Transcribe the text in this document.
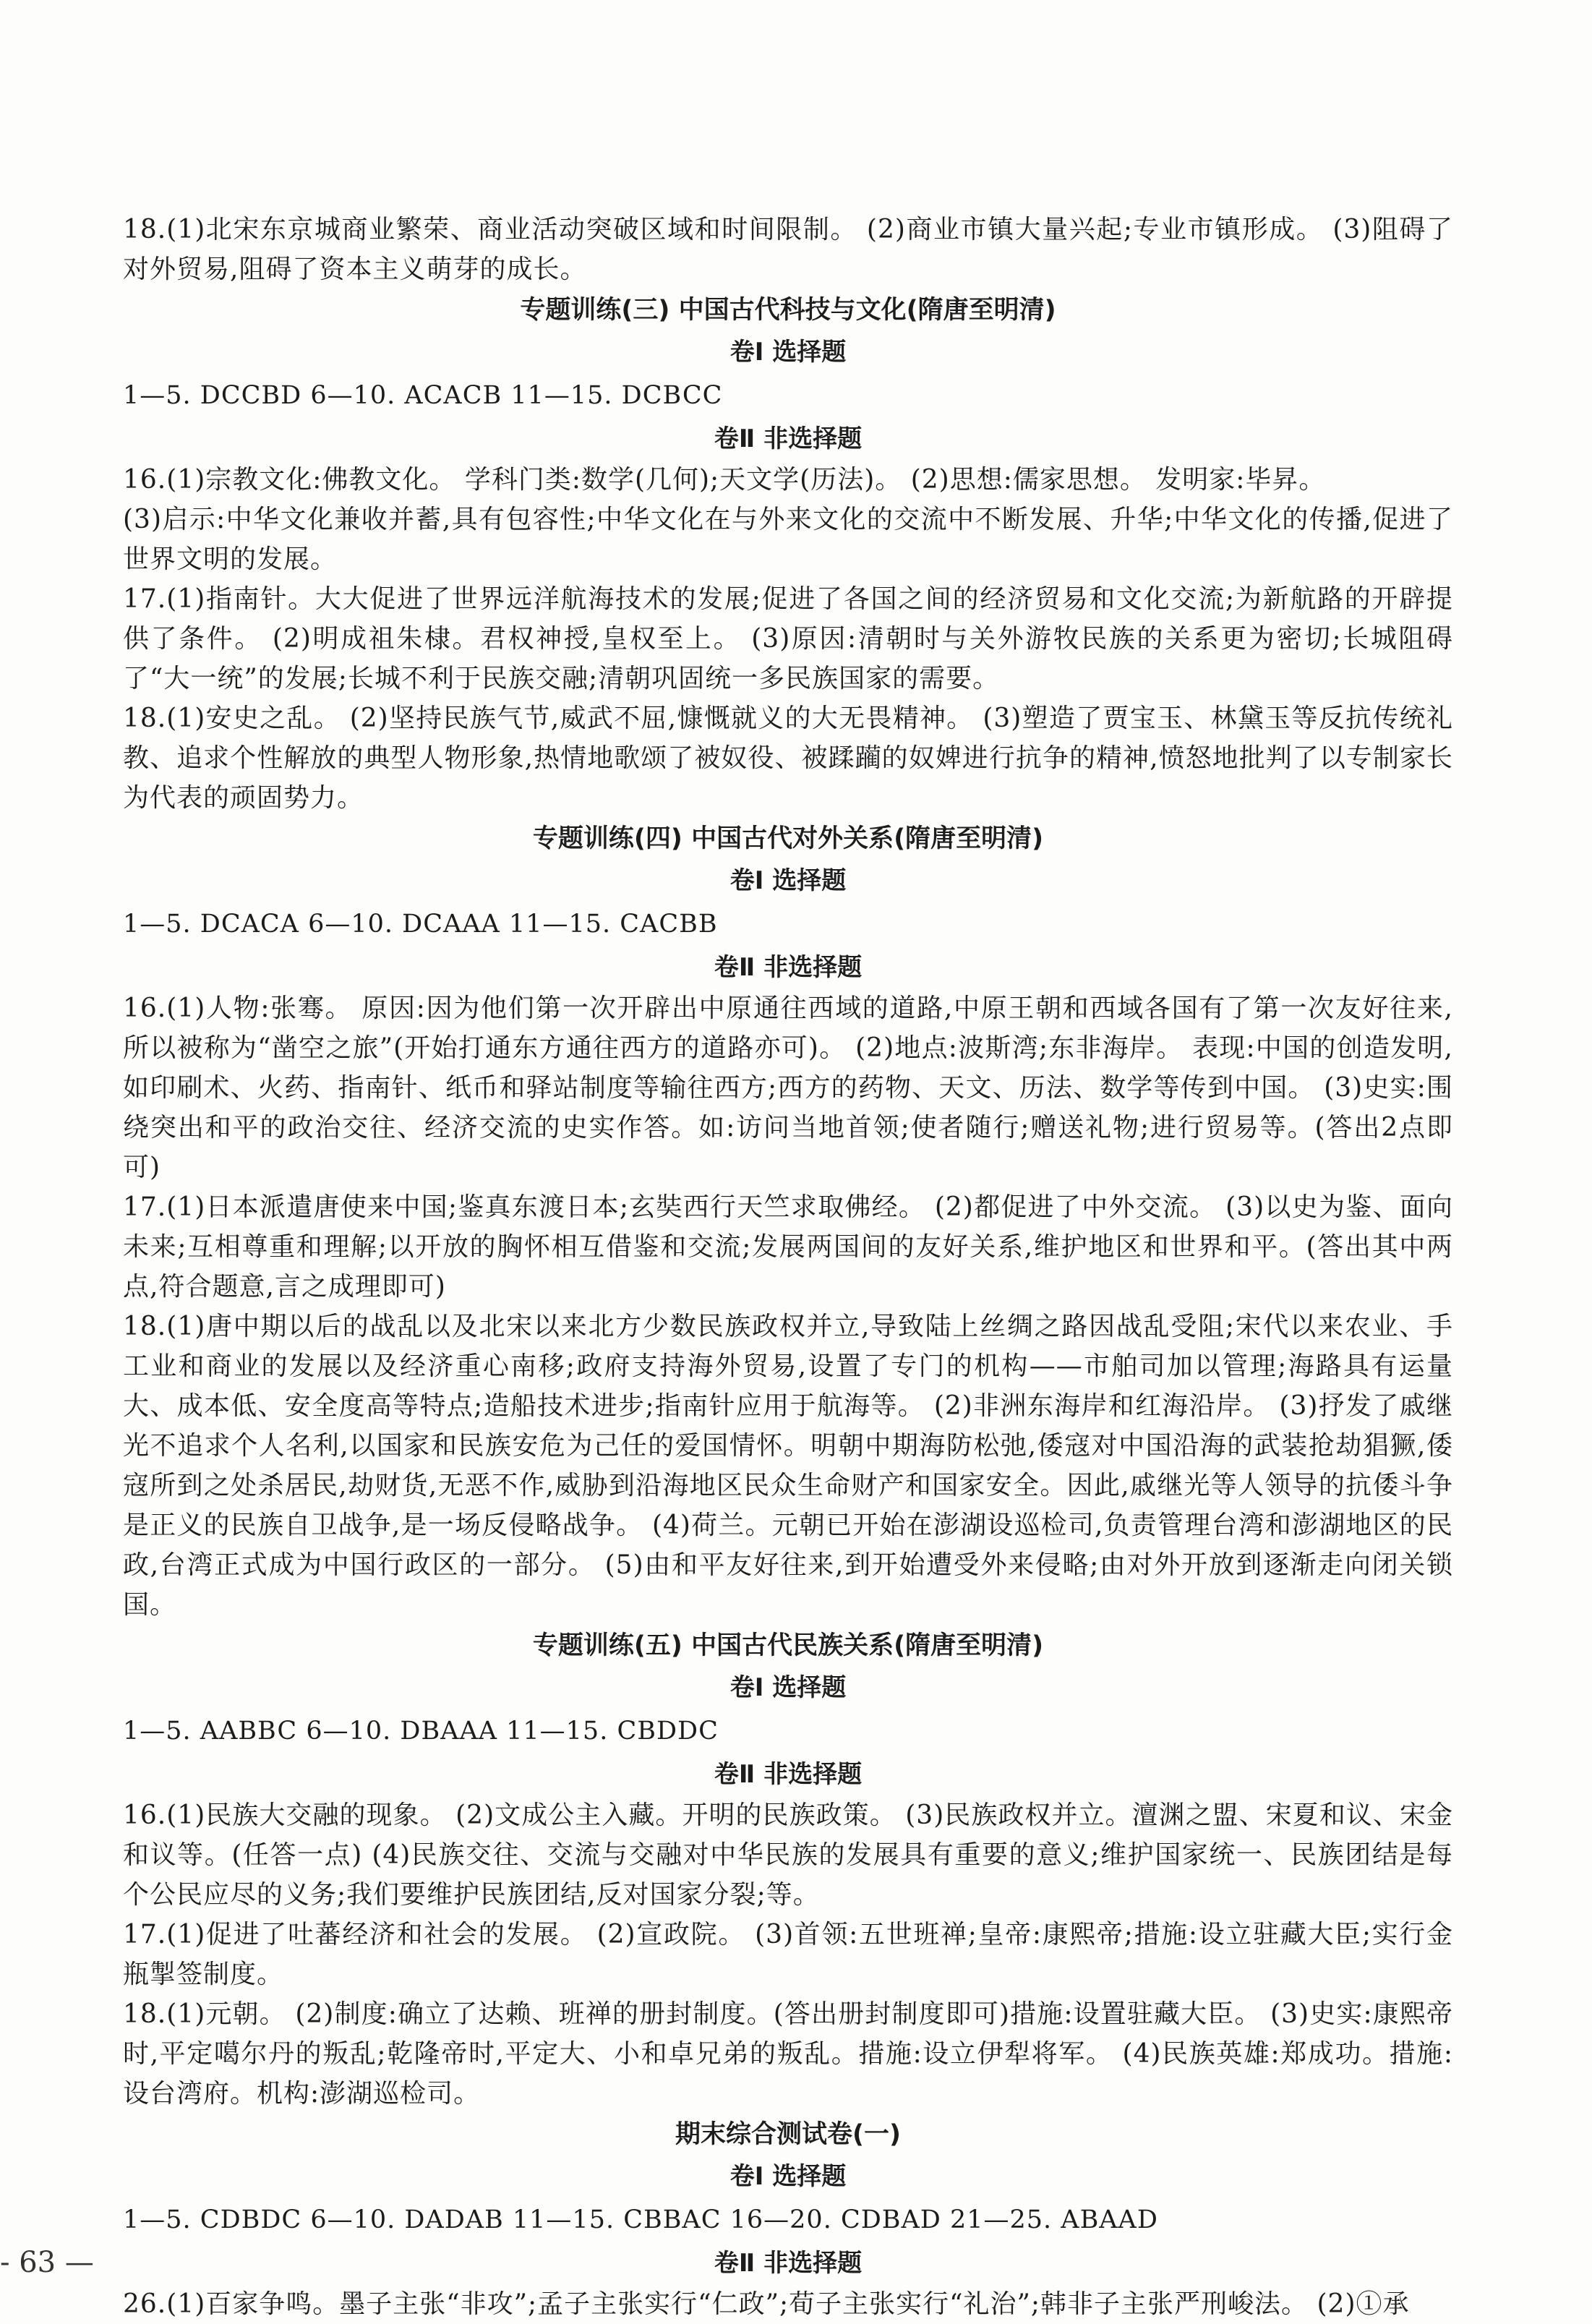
18.(1)北宋东京城商业繁荣、商业活动突破区域和时间限制。 (2)商业市镇大量兴起;专业市镇形成。 (3)阻碍了对外贸易,阻碍了资本主义萌芽的成长。

专题训练(三) 中国古代科技与文化(隋唐至明清)

卷Ⅰ 选择题

1—5. DCCBD 6—10. ACACB 11—15. DCBCC

卷Ⅱ 非选择题

16.(1)宗教文化:佛教文化。 学科门类:数学(几何);天文学(历法)。 (2)思想:儒家思想。 发明家:毕昇。

(3)启示:中华文化兼收并蓄,具有包容性;中华文化在与外来文化的交流中不断发展、升华;中华文化的传播,促进了世界文明的发展。

17.(1)指南针。大大促进了世界远洋航海技术的发展;促进了各国之间的经济贸易和文化交流;为新航路的开辟提供了条件。 (2)明成祖朱棣。君权神授,皇权至上。 (3)原因:清朝时与关外游牧民族的关系更为密切;长城阻碍了“大一统”的发展;长城不利于民族交融;清朝巩固统一多民族国家的需要。

18.(1)安史之乱。 (2)坚持民族气节,威武不屈,慷慨就义的大无畏精神。 (3)塑造了贾宝玉、林黛玉等反抗传统礼教、追求个性解放的典型人物形象,热情地歌颂了被奴役、被蹂躏的奴婢进行抗争的精神,愤怒地批判了以专制家长为代表的顽固势力。

专题训练(四) 中国古代对外关系(隋唐至明清)

卷Ⅰ 选择题

1—5. DCACA 6—10. DCAAA 11—15. CACBB

卷Ⅱ 非选择题

16.(1)人物:张骞。 原因:因为他们第一次开辟出中原通往西域的道路,中原王朝和西域各国有了第一次友好往来,所以被称为“凿空之旅”(开始打通东方通往西方的道路亦可)。 (2)地点:波斯湾;东非海岸。 表现:中国的创造发明,如印刷术、火药、指南针、纸币和驿站制度等输往西方;西方的药物、天文、历法、数学等传到中国。 (3)史实:围绕突出和平的政治交往、经济交流的史实作答。如:访问当地首领;使者随行;赠送礼物;进行贸易等。(答出2点即可)

17.(1)日本派遣唐使来中国;鉴真东渡日本;玄奘西行天竺求取佛经。 (2)都促进了中外交流。 (3)以史为鉴、面向未来;互相尊重和理解;以开放的胸怀相互借鉴和交流;发展两国间的友好关系,维护地区和世界和平。(答出其中两点,符合题意,言之成理即可)

18.(1)唐中期以后的战乱以及北宋以来北方少数民族政权并立,导致陆上丝绸之路因战乱受阻;宋代以来农业、手工业和商业的发展以及经济重心南移;政府支持海外贸易,设置了专门的机构——市舶司加以管理;海路具有运量大、成本低、安全度高等特点;造船技术进步;指南针应用于航海等。 (2)非洲东海岸和红海沿岸。 (3)抒发了戚继光不追求个人名利,以国家和民族安危为己任的爱国情怀。明朝中期海防松弛,倭寇对中国沿海的武装抢劫猖獗,倭寇所到之处杀居民,劫财货,无恶不作,威胁到沿海地区民众生命财产和国家安全。因此,戚继光等人领导的抗倭斗争是正义的民族自卫战争,是一场反侵略战争。 (4)荷兰。元朝已开始在澎湖设巡检司,负责管理台湾和澎湖地区的民政,台湾正式成为中国行政区的一部分。 (5)由和平友好往来,到开始遭受外来侵略;由对外开放到逐渐走向闭关锁国。

专题训练(五) 中国古代民族关系(隋唐至明清)

卷Ⅰ 选择题

1—5. AABBC 6—10. DBAAA 11—15. CBDDC

卷Ⅱ 非选择题

16.(1)民族大交融的现象。 (2)文成公主入藏。开明的民族政策。 (3)民族政权并立。澶渊之盟、宋夏和议、宋金和议等。(任答一点) (4)民族交往、交流与交融对中华民族的发展具有重要的意义;维护国家统一、民族团结是每个公民应尽的义务;我们要维护民族团结,反对国家分裂;等。

17.(1)促进了吐蕃经济和社会的发展。 (2)宣政院。 (3)首领:五世班禅;皇帝:康熙帝;措施:设立驻藏大臣;实行金瓶掣签制度。

18.(1)元朝。 (2)制度:确立了达赖、班禅的册封制度。(答出册封制度即可)措施:设置驻藏大臣。 (3)史实:康熙帝时,平定噶尔丹的叛乱;乾隆帝时,平定大、小和卓兄弟的叛乱。措施:设立伊犁将军。 (4)民族英雄:郑成功。措施:设台湾府。机构:澎湖巡检司。

期末综合测试卷(一)

卷Ⅰ 选择题

1—5. CDBDC 6—10. DADAB 11—15. CBBAC 16—20. CDBAD 21—25. ABAAD

卷Ⅱ 非选择题

26.(1)百家争鸣。墨子主张“非攻”;孟子主张实行“仁政”;荀子主张实行“礼治”;韩非子主张严刑峻法。 (2)①承

- 63 —
